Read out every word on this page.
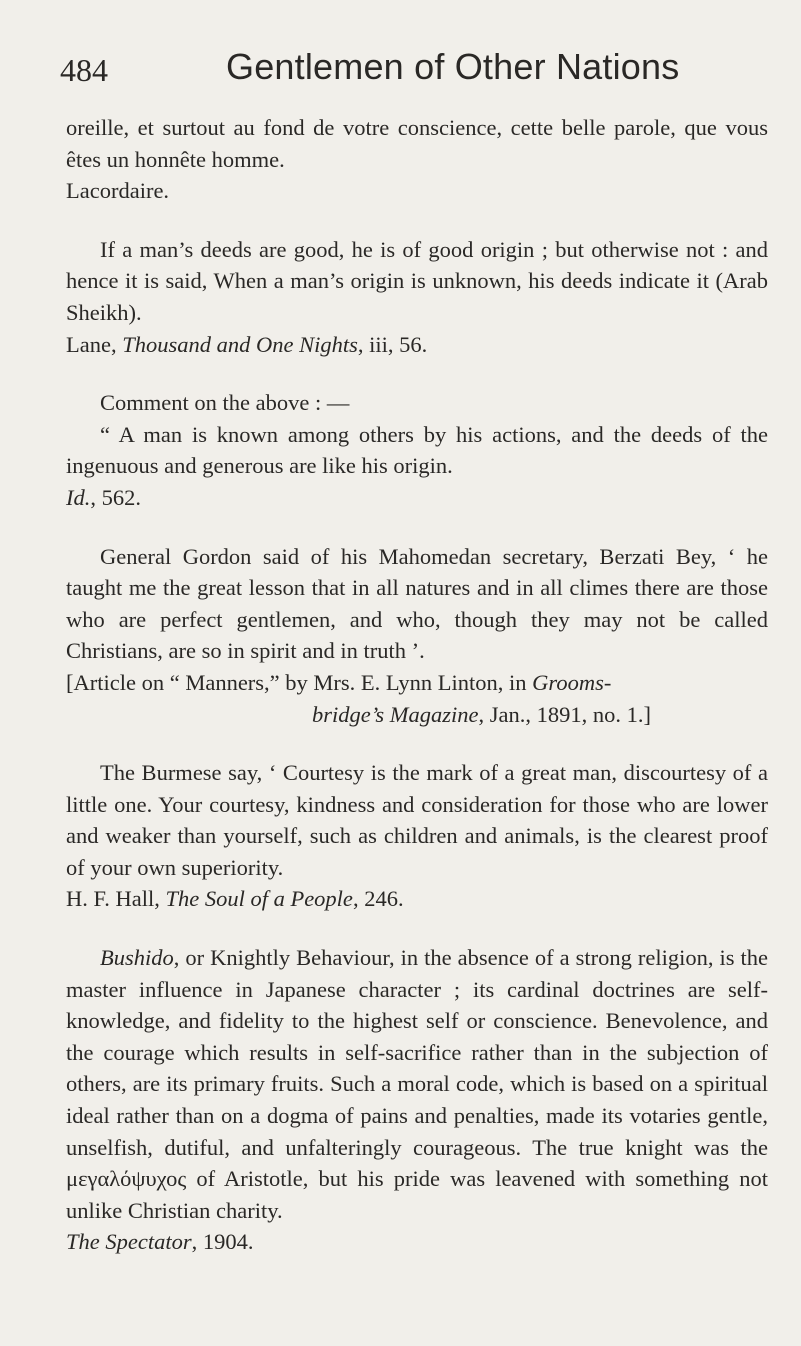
484	Gentlemen of Other Nations

oreille, et surtout au fond de votre conscience, cette belle parole, que vous êtes un honnête homme.

Lacordaire.

If a man’s deeds are good, he is of good origin ; but otherwise not : and hence it is said, When a man’s origin is unknown, his deeds indicate it (Arab Sheikh).

Lane, Thousand and One Nights, iii, 56.

Comment on the above : —

“ A man is known among others by his actions, and the deeds of the ingenuous and generous are like his origin.

Id., 562.

General Gordon said of his Mahomedan secretary, Berzati Bey, ‘ he taught me the great lesson that in all natures and in all climes there are those who are perfect gentlemen, and who, though they may not be called Christians, are so in spirit and in truth ’.

[Article on “ Manners,” by Mrs. E. Lynn Linton, in Grooms-
bridge’s Magazine, Jan., 1891, no. 1.]

The Burmese say, ‘ Courtesy is the mark of a great man, discourtesy of a little one. Your courtesy, kindness and consideration for those who are lower and weaker than yourself, such as children and animals, is the clearest proof of your own superiority.

H. F. Hall, The Soul of a People, 246.

Bushido, or Knightly Behaviour, in the absence of a strong religion, is the master influence in Japanese character ; its cardinal doctrines are self-knowledge, and fidelity to the highest self or conscience. Benevolence, and the courage which results in self-sacrifice rather than in the subjection of others, are its primary fruits. Such a moral code, which is based on a spiritual ideal rather than on a dogma of pains and penalties, made its votaries gentle, unselfish, dutiful, and unfalteringly courageous. The true knight was the μεγαλόψυχος of Aristotle, but his pride was leavened with something not unlike Christian charity.

The Spectator, 1904.
